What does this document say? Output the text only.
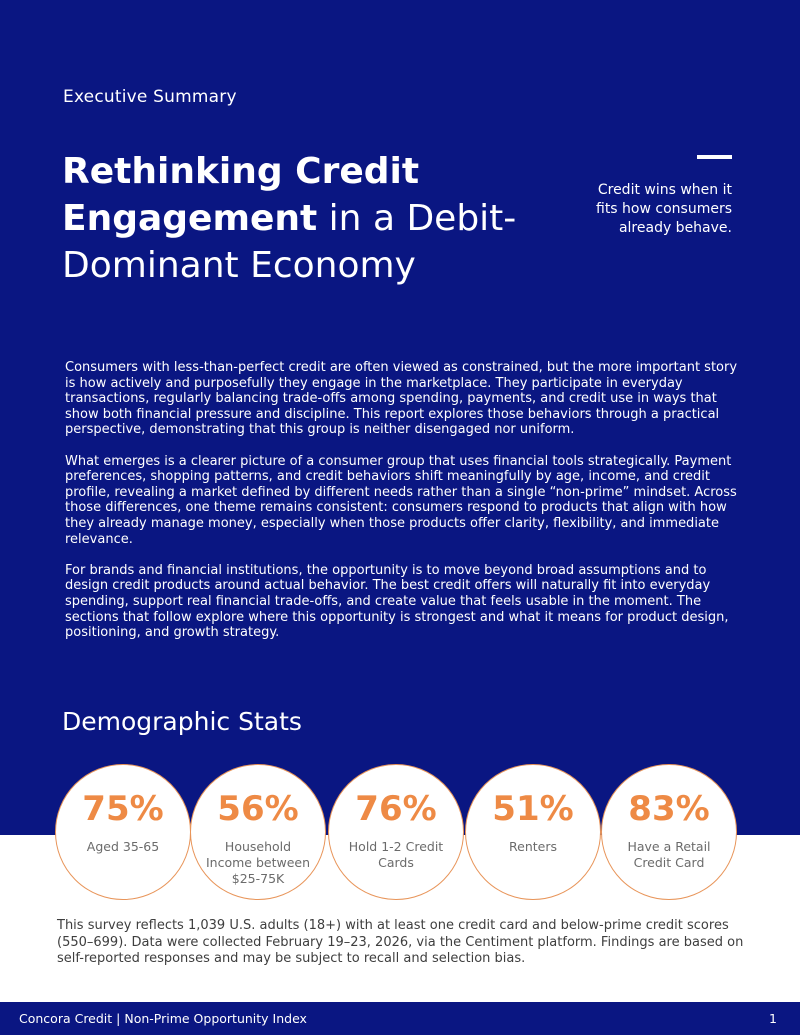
Executive Summary
Rethinking Credit
Engagement in a Debit-
Dominant Economy
Credit wins when it fits how consumers already behave.

Consumers with less-than-perfect credit are often viewed as constrained, but the more important story is how actively and purposefully they engage in the marketplace. They participate in everyday transactions, regularly balancing trade-offs among spending, payments, and credit use in ways that show both financial pressure and discipline. This report explores those behaviors through a practical perspective, demonstrating that this group is neither disengaged nor uniform.

What emerges is a clearer picture of a consumer group that uses financial tools strategically. Payment preferences, shopping patterns, and credit behaviors shift meaningfully by age, income, and credit profile, revealing a market defined by different needs rather than a single “non-prime” mindset. Across those differences, one theme remains consistent: consumers respond to products that align with how they already manage money, especially when those products offer clarity, flexibility, and immediate relevance.

For brands and financial institutions, the opportunity is to move beyond broad assumptions and to design credit products around actual behavior. The best credit offers will naturally fit into everyday spending, support real financial trade-offs, and create value that feels usable in the moment. The sections that follow explore where this opportunity is strongest and what it means for product design, positioning, and growth strategy.

Demographic Stats
75%
Aged 35-65
56%
Household Income between $25-75K
76%
Hold 1-2 Credit Cards
51%
Renters
83%
Have a Retail Credit Card
This survey reflects 1,039 U.S. adults (18+) with at least one credit card and below-prime credit scores (550–699). Data were collected February 19–23, 2026, via the Centiment platform. Findings are based on self-reported responses and may be subject to recall and selection bias.
Concora Credit | Non-Prime Opportunity Index	1
